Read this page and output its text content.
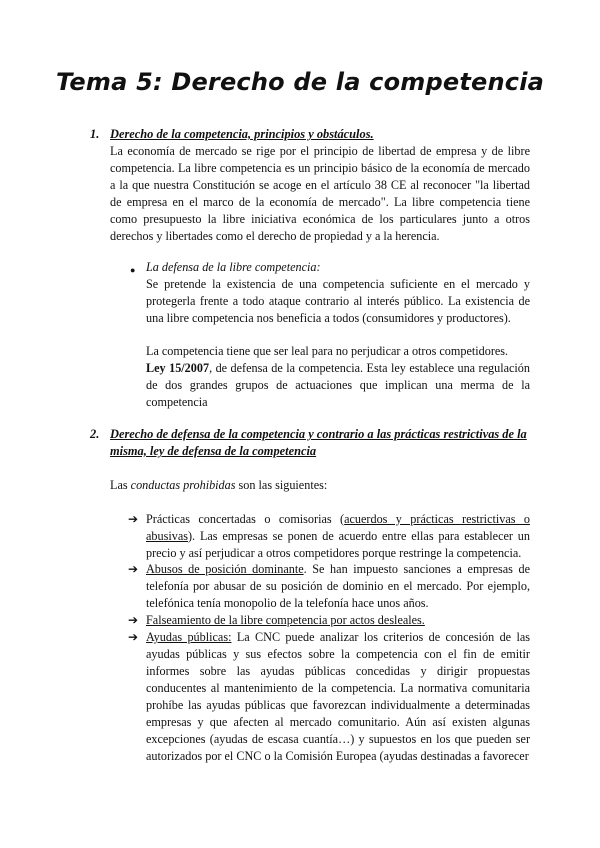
Tema 5: Derecho de la competencia
1. Derecho de la competencia, principios y obstáculos.

La economía de mercado se rige por el principio de libertad de empresa y de libre competencia. La libre competencia es un principio básico de la economía de mercado a la que nuestra Constitución se acoge en el artículo 38 CE al reconocer "la libertad de empresa en el marco de la economía de mercado". La libre competencia tiene como presupuesto la libre iniciativa económica de los particulares junto a otros derechos y libertades como el derecho de propiedad y a la herencia.

● La defensa de la libre competencia:

Se pretende la existencia de una competencia suficiente en el mercado y protegerla frente a todo ataque contrario al interés público. La existencia de una libre competencia nos beneficia a todos (consumidores y productores).

La competencia tiene que ser leal para no perjudicar a otros competidores.

Ley 15/2007, de defensa de la competencia. Esta ley establece una regulación de dos grandes grupos de actuaciones que implican una merma de la competencia

2. Derecho de defensa de la competencia y contrario a las prácticas restrictivas de la misma, ley de defensa de la competencia

Las conductas prohibidas son las siguientes:

➔ Prácticas concertadas o comisorias (acuerdos y prácticas restrictivas o abusivas). Las empresas se ponen de acuerdo entre ellas para establecer un precio y así perjudicar a otros competidores porque restringe la competencia.

➔ Abusos de posición dominante. Se han impuesto sanciones a empresas de telefonía por abusar de su posición de dominio en el mercado. Por ejemplo, telefónica tenía monopolio de la telefonía hace unos años.

➔ Falseamiento de la libre competencia por actos desleales.

➔ Ayudas públicas: La CNC puede analizar los criterios de concesión de las ayudas públicas y sus efectos sobre la competencia con el fin de emitir informes sobre las ayudas públicas concedidas y dirigir propuestas conducentes al mantenimiento de la competencia. La normativa comunitaria prohíbe las ayudas públicas que favorezcan individualmente a determinadas empresas y que afecten al mercado comunitario. Aún así existen algunas excepciones (ayudas de escasa cuantía…) y supuestos en los que pueden ser autorizados por el CNC o la Comisión Europea (ayudas destinadas a favorecer
